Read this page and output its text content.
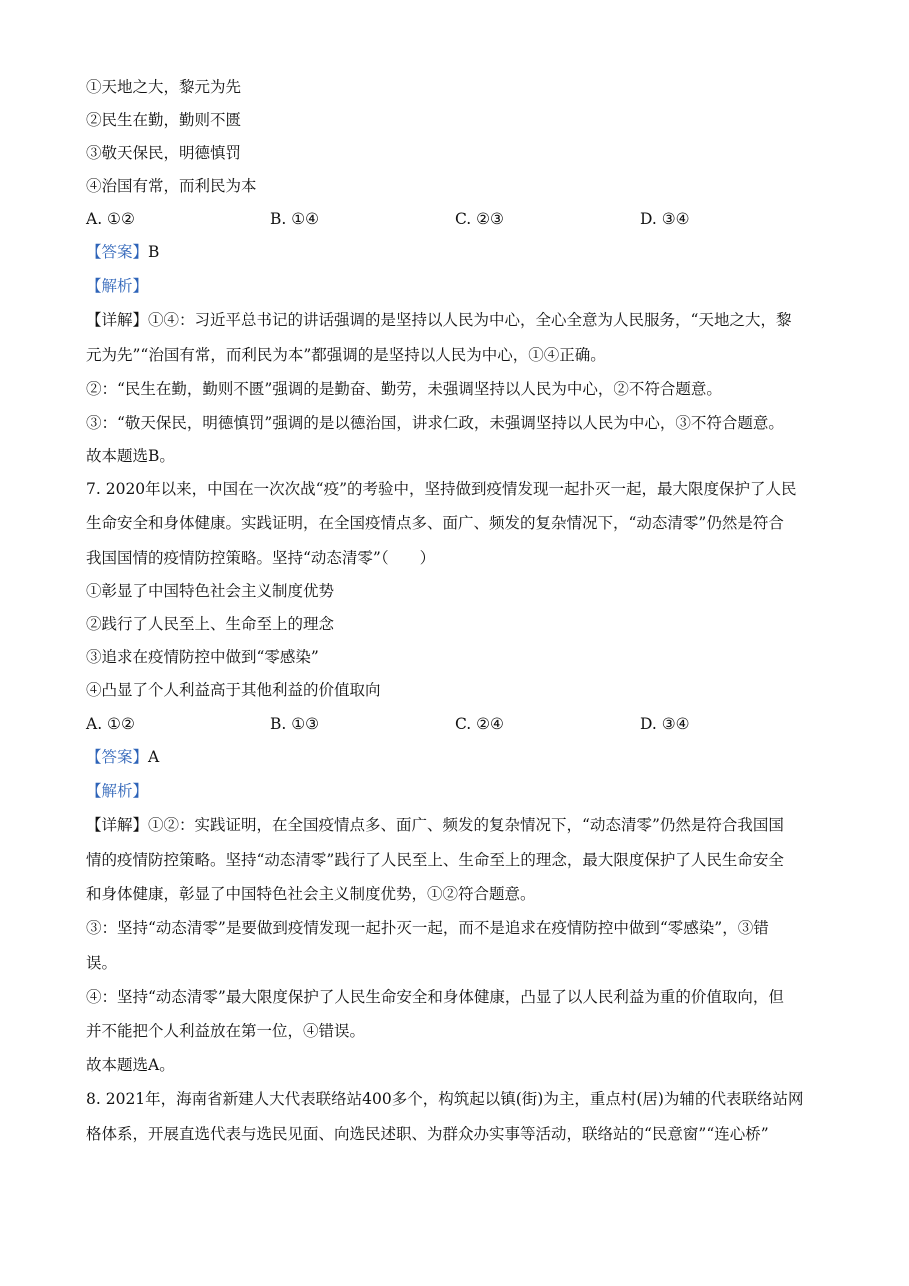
①天地之大，黎元为先
②民生在勤，勤则不匮
③敬天保民，明德慎罚
④治国有常，而利民为本
A. ①②	B. ①④	C. ②③	D. ③④
【答案】B
【解析】
【详解】①④：习近平总书记的讲话强调的是坚持以人民为中心，全心全意为人民服务，“天地之大，黎
元为先”“治国有常，而利民为本”都强调的是坚持以人民为中心，①④正确。
②：“民生在勤，勤则不匮”强调的是勤奋、勤劳，未强调坚持以人民为中心，②不符合题意。
③：“敬天保民，明德慎罚”强调的是以德治国，讲求仁政，未强调坚持以人民为中心，③不符合题意。
故本题选B。
7. 2020年以来，中国在一次次战“疫”的考验中，坚持做到疫情发现一起扑灭一起，最大限度保护了人民
生命安全和身体健康。实践证明，在全国疫情点多、面广、频发的复杂情况下，“动态清零”仍然是符合
我国国情的疫情防控策略。坚持“动态清零”（　　）
①彰显了中国特色社会主义制度优势
②践行了人民至上、生命至上的理念
③追求在疫情防控中做到“零感染”
④凸显了个人利益高于其他利益的价值取向
A. ①②	B. ①③	C. ②④	D. ③④
【答案】A
【解析】
【详解】①②：实践证明，在全国疫情点多、面广、频发的复杂情况下，“动态清零”仍然是符合我国国
情的疫情防控策略。坚持“动态清零”践行了人民至上、生命至上的理念，最大限度保护了人民生命安全
和身体健康，彰显了中国特色社会主义制度优势，①②符合题意。
③：坚持“动态清零”是要做到疫情发现一起扑灭一起，而不是追求在疫情防控中做到“零感染”，③错
误。
④：坚持“动态清零”最大限度保护了人民生命安全和身体健康，凸显了以人民利益为重的价值取向，但
并不能把个人利益放在第一位，④错误。
故本题选A。
8. 2021年，海南省新建人大代表联络站400多个，构筑起以镇(街)为主，重点村(居)为辅的代表联络站网
格体系，开展直选代表与选民见面、向选民述职、为群众办实事等活动，联络站的“民意窗”“连心桥”
